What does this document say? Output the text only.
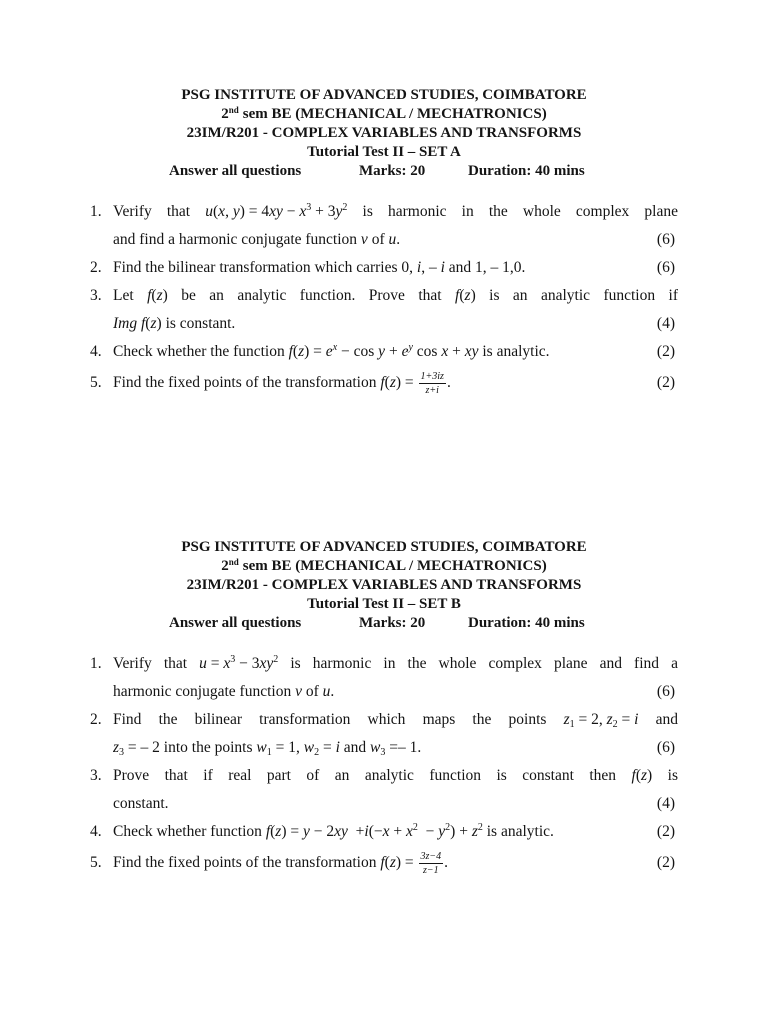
PSG INSTITUTE OF ADVANCED STUDIES, COIMBATORE
2nd sem BE (MECHANICAL / MECHATRONICS)
23IM/R201 - COMPLEX VARIABLES AND TRANSFORMS
Tutorial Test II – SET A
Answer all questions	Marks: 20	Duration: 40 mins
1. Verify that u(x, $y) = 4xy - x^3 + 3y^2$ is harmonic in the whole complex plane
and find a harmonic conjugate function v of u.	(6)
2. Find the bilinear transformation which carries 0, i, – i and 1, – 1,0.	(6)
3. Let f(z) be an analytic function. Prove that f(z) is an analytic function if
Img f(z) is constant.	(4)
4. Check whether the function $f(z) = e^x - \cos y + e^y$ cos x + xy is analytic.	(2)
5. Find the fixed points of the transformation $f(z) = \frac{1+3iz}{z+i}$ .	(2)
PSG INSTITUTE OF ADVANCED STUDIES, COIMBATORE
2nd sem BE (MECHANICAL / MECHATRONICS)
23IM/R201 - COMPLEX VARIABLES AND TRANSFORMS
Tutorial Test II – SET B
Answer all questions	Marks: 20	Duration: 40 mins
1. Verify that $u = x^3 - 3xy^2$ is harmonic in the whole complex plane and find a
harmonic conjugate function v of u.	(6)
2. Find the bilinear transformation which maps the points z1 = 2, z2 = i and
z3 = – 2 into the points w1 = 1, w2 = i and w3 =– 1.	(6)
3. Prove that if real part of an analytic function is constant then f(z) is
constant.	(4)
4. Check whether function $f(z) = y - 2xy +i(-x + x^2 - y^2) + z^2$ is analytic.	(2)
5. Find the fixed points of the transformation $f(z) = \frac{3z-4}{z-1}$ .	(2)
